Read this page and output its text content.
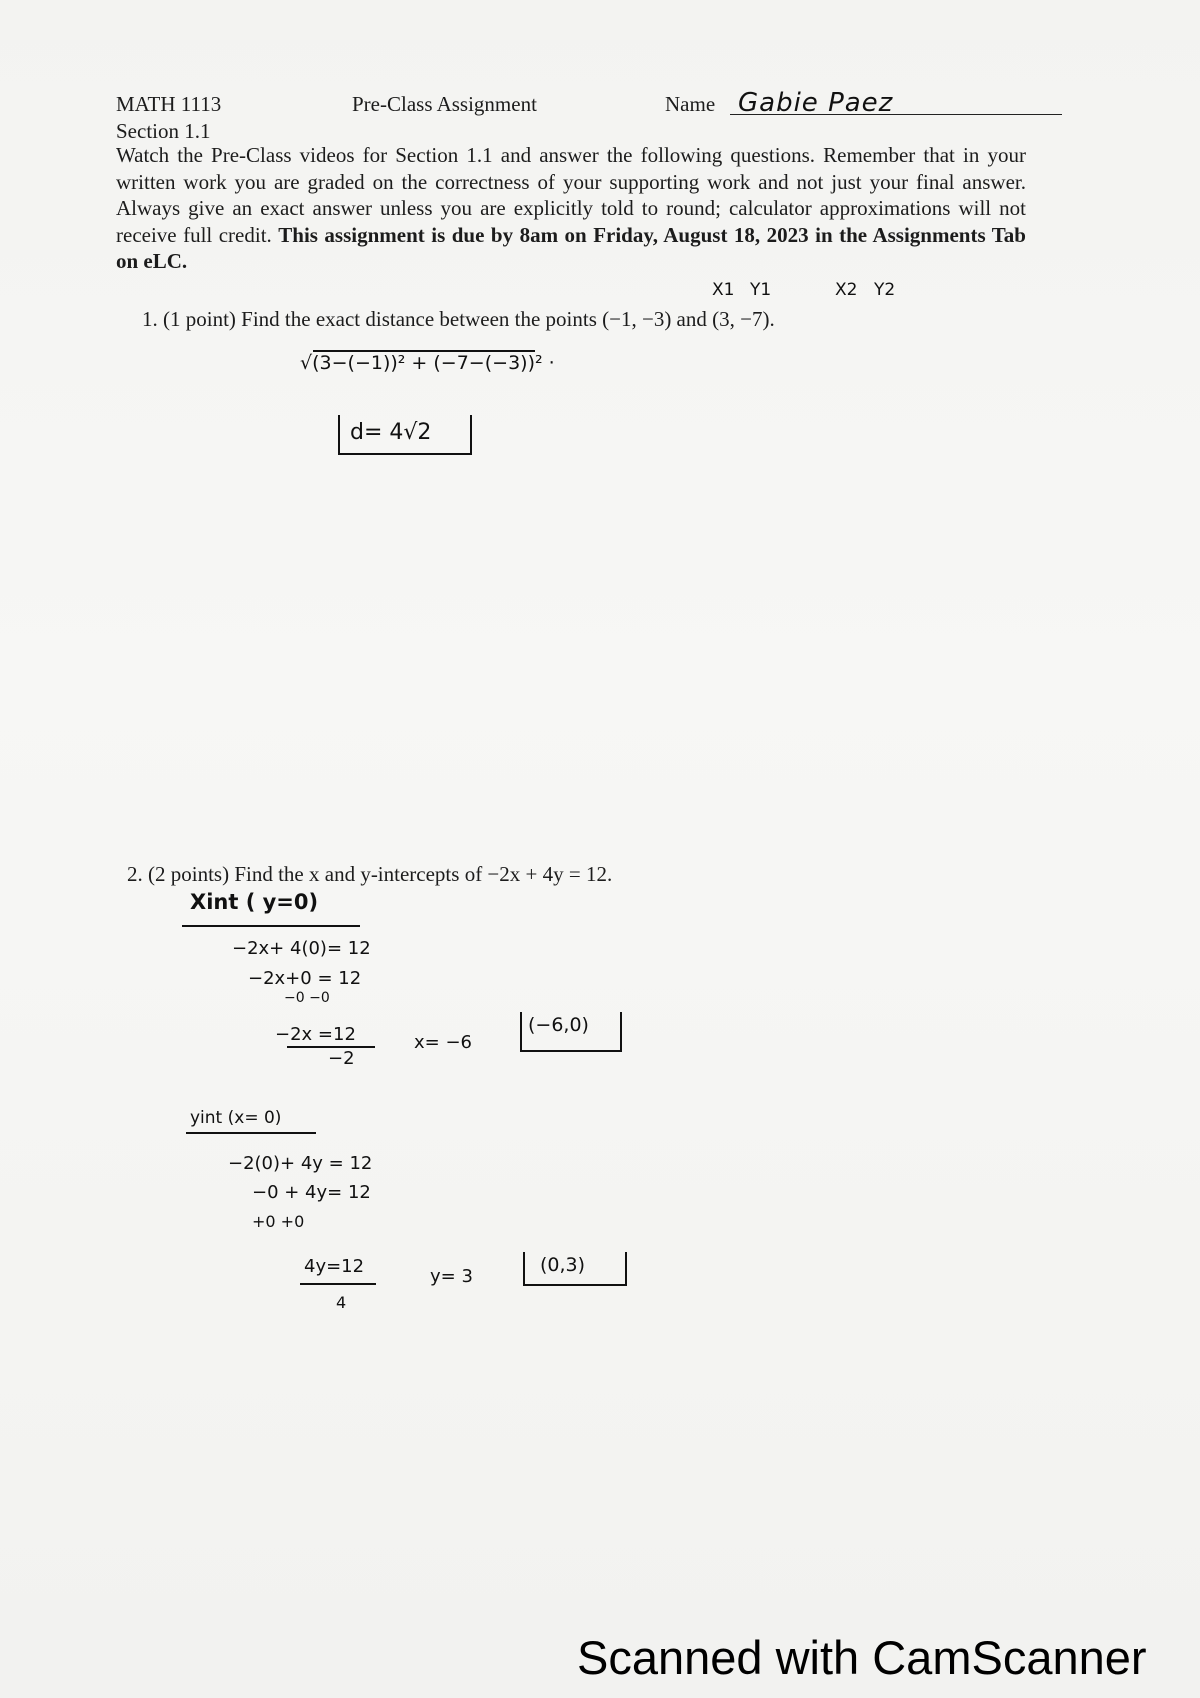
MATH 1113	Pre-Class Assignment	Name Gabie Paez
Section 1.1
Watch the Pre-Class videos for Section 1.1 and answer the following questions. Remember that in your written work you are graded on the correctness of your supporting work and not just your final answer. Always give an exact answer unless you are explicitly told to round; calculator approximations will not receive full credit. This assignment is due by 8am on Friday, August 18, 2023 in the Assignments Tab on eLC.
X1 Y1	X2 Y2
1. (1 point) Find the exact distance between the points (−1, −3) and (3, −7).
√(3−(−1))² + (−7−(−3))² ·
d= 4√2
2. (2 points) Find the x and y-intercepts of −2x + 4y = 12.
Xint ( y=0)
−2x+ 4(0)= 12
−2x+0 = 12
−0 −0
−2x =12
−2
x= −6
(−6,0)
yint (x= 0)
−2(0)+ 4y = 12
−0 + 4y= 12
+0 +0
4y=12
4
y= 3
(0,3)
Scanned with CamScanner
